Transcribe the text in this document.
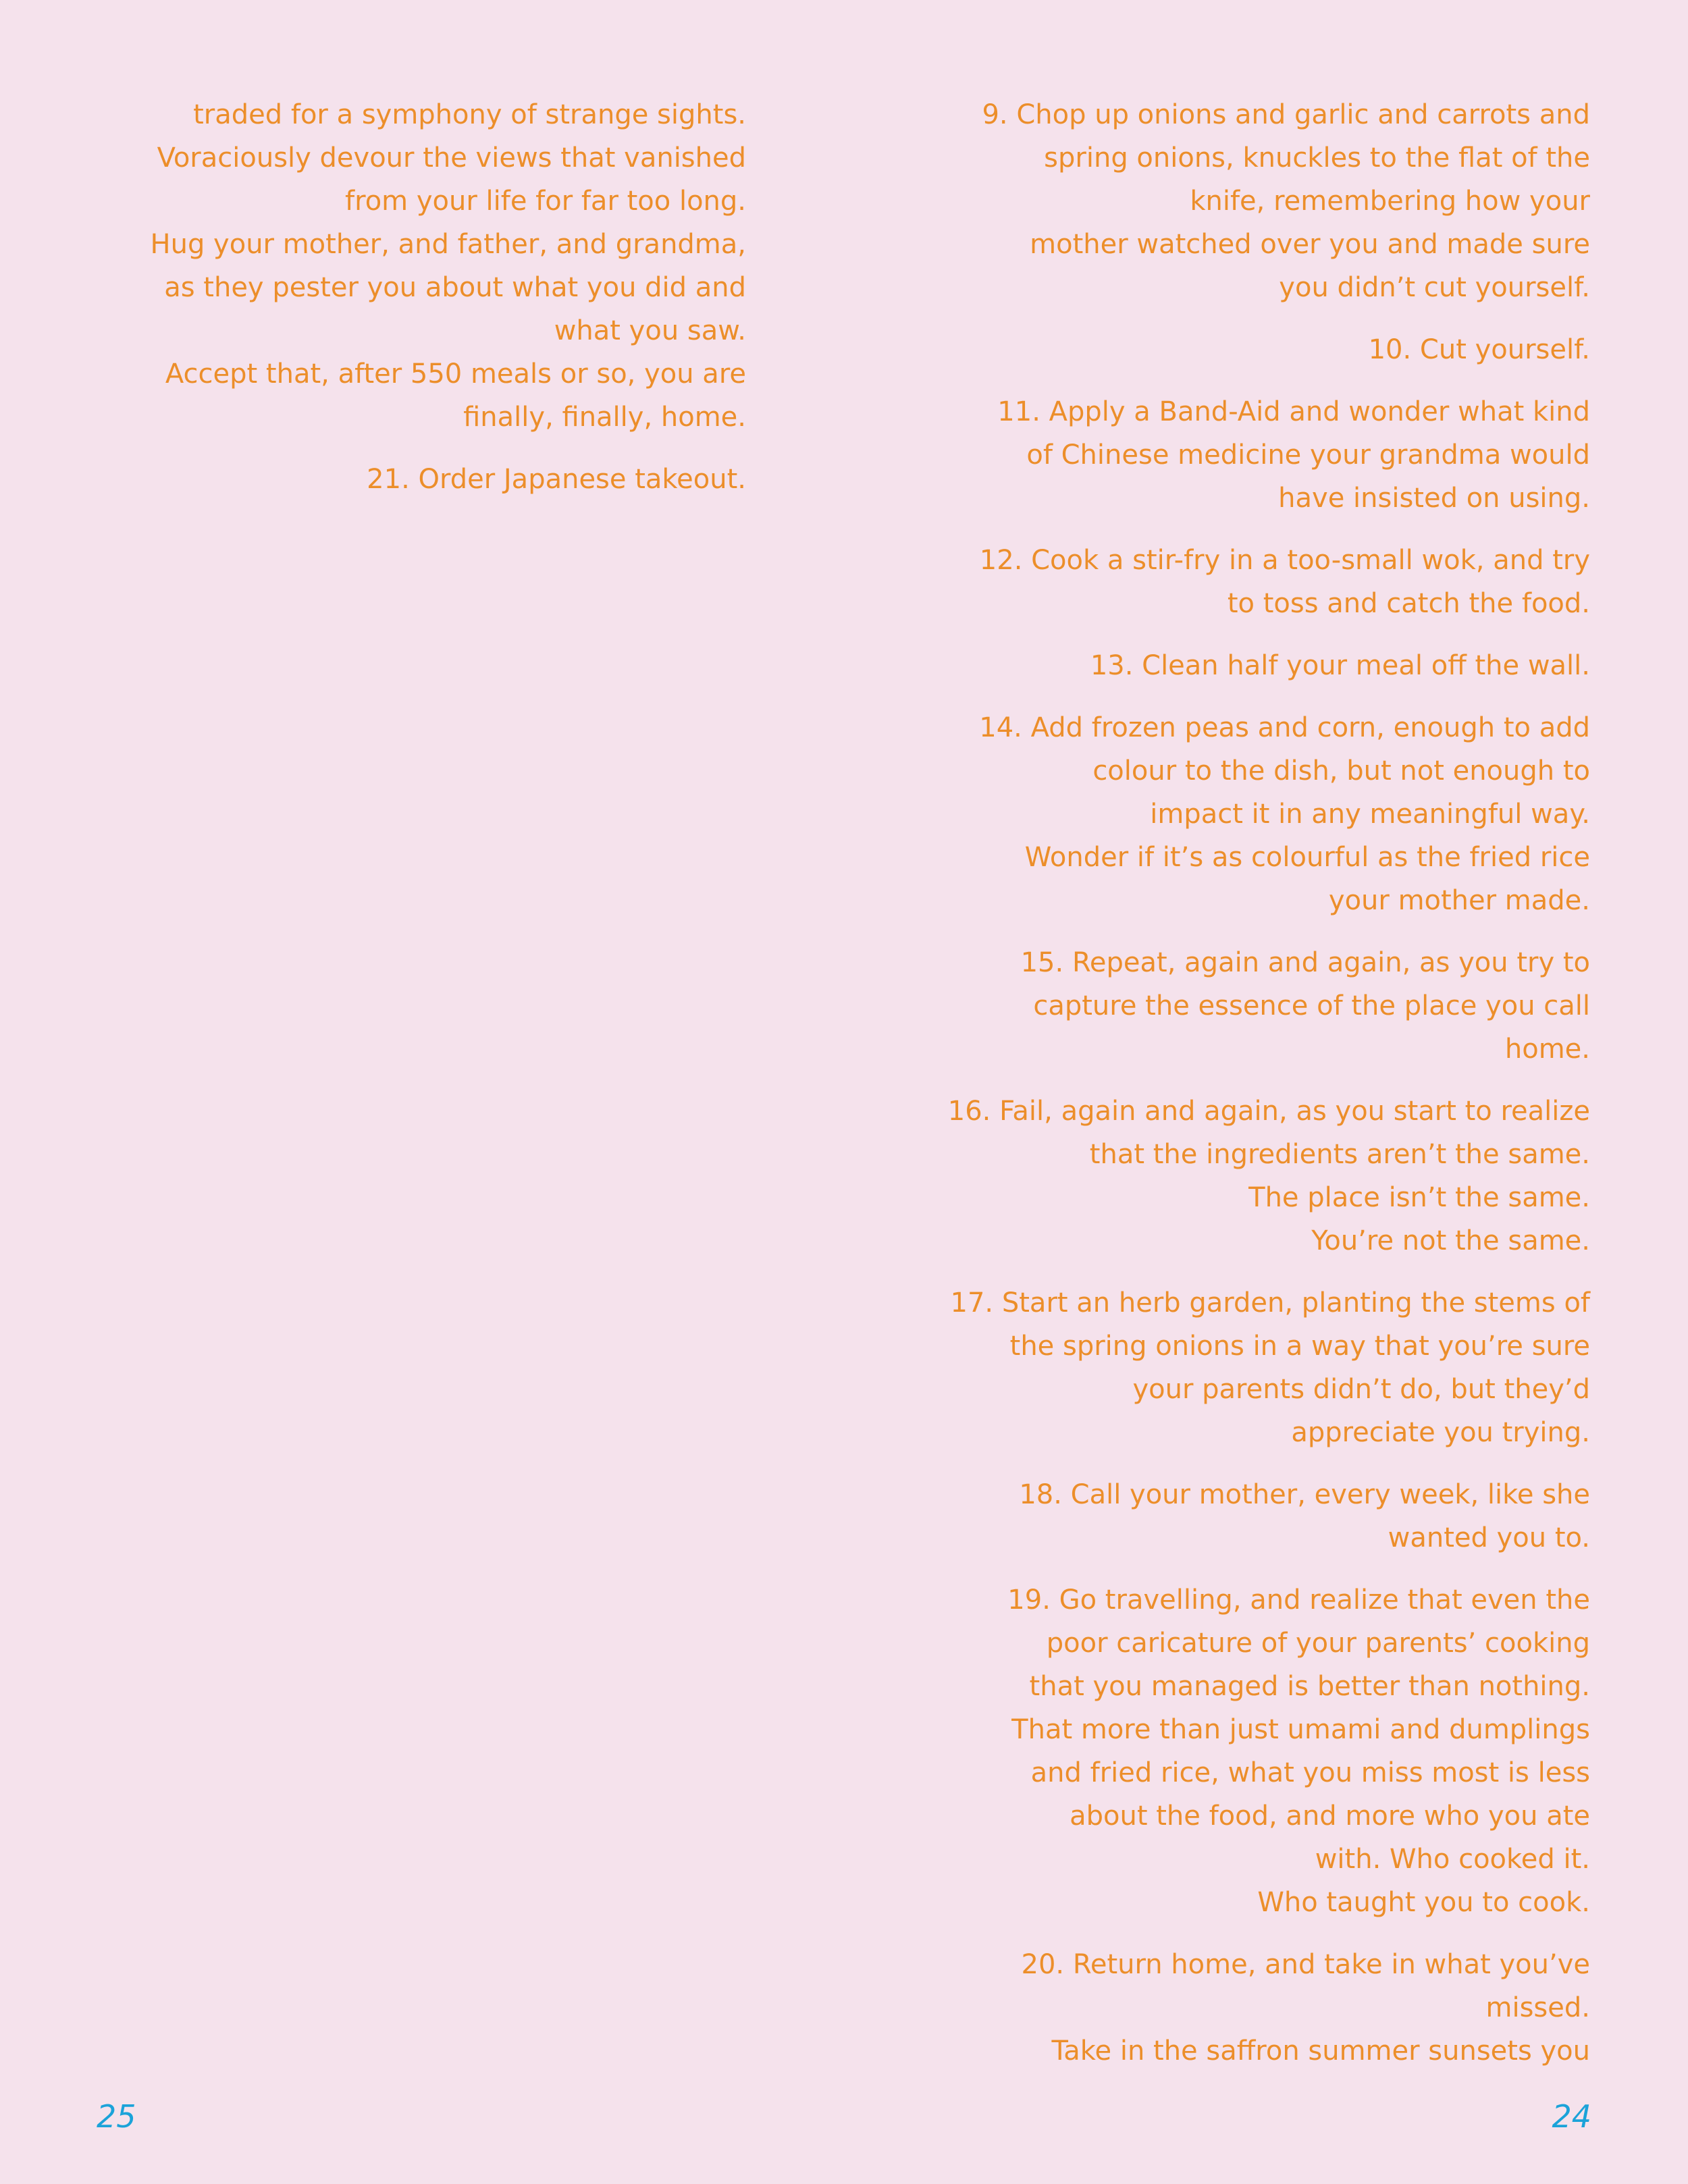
traded for a symphony of strange sights.
Voraciously devour the views that vanished
from your life for far too long.
Hug your mother, and father, and grandma,
as they pester you about what you did and
what you saw.
Accept that, after 550 meals or so, you are
finally, finally, home.
21. Order Japanese takeout.
9. Chop up onions and garlic and carrots and
spring onions, knuckles to the flat of the
knife, remembering how your
mother watched over you and made sure
you didn’t cut yourself.
10. Cut yourself.
11. Apply a Band-Aid and wonder what kind
of Chinese medicine your grandma would
have insisted on using.
12. Cook a stir-fry in a too-small wok, and try
to toss and catch the food.
13. Clean half your meal off the wall.
14. Add frozen peas and corn, enough to add
colour to the dish, but not enough to
impact it in any meaningful way.
Wonder if it’s as colourful as the fried rice
your mother made.
15. Repeat, again and again, as you try to
capture the essence of the place you call
home.
16. Fail, again and again, as you start to realize
that the ingredients aren’t the same.
The place isn’t the same.
You’re not the same.
17. Start an herb garden, planting the stems of
the spring onions in a way that you’re sure
your parents didn’t do, but they’d
appreciate you trying.
18. Call your mother, every week, like she
wanted you to.
19. Go travelling, and realize that even the
poor caricature of your parents’ cooking
that you managed is better than nothing.
That more than just umami and dumplings
and fried rice, what you miss most is less
about the food, and more who you ate
with. Who cooked it.
Who taught you to cook.
20. Return home, and take in what you’ve
missed.
Take in the saffron summer sunsets you
25	24
